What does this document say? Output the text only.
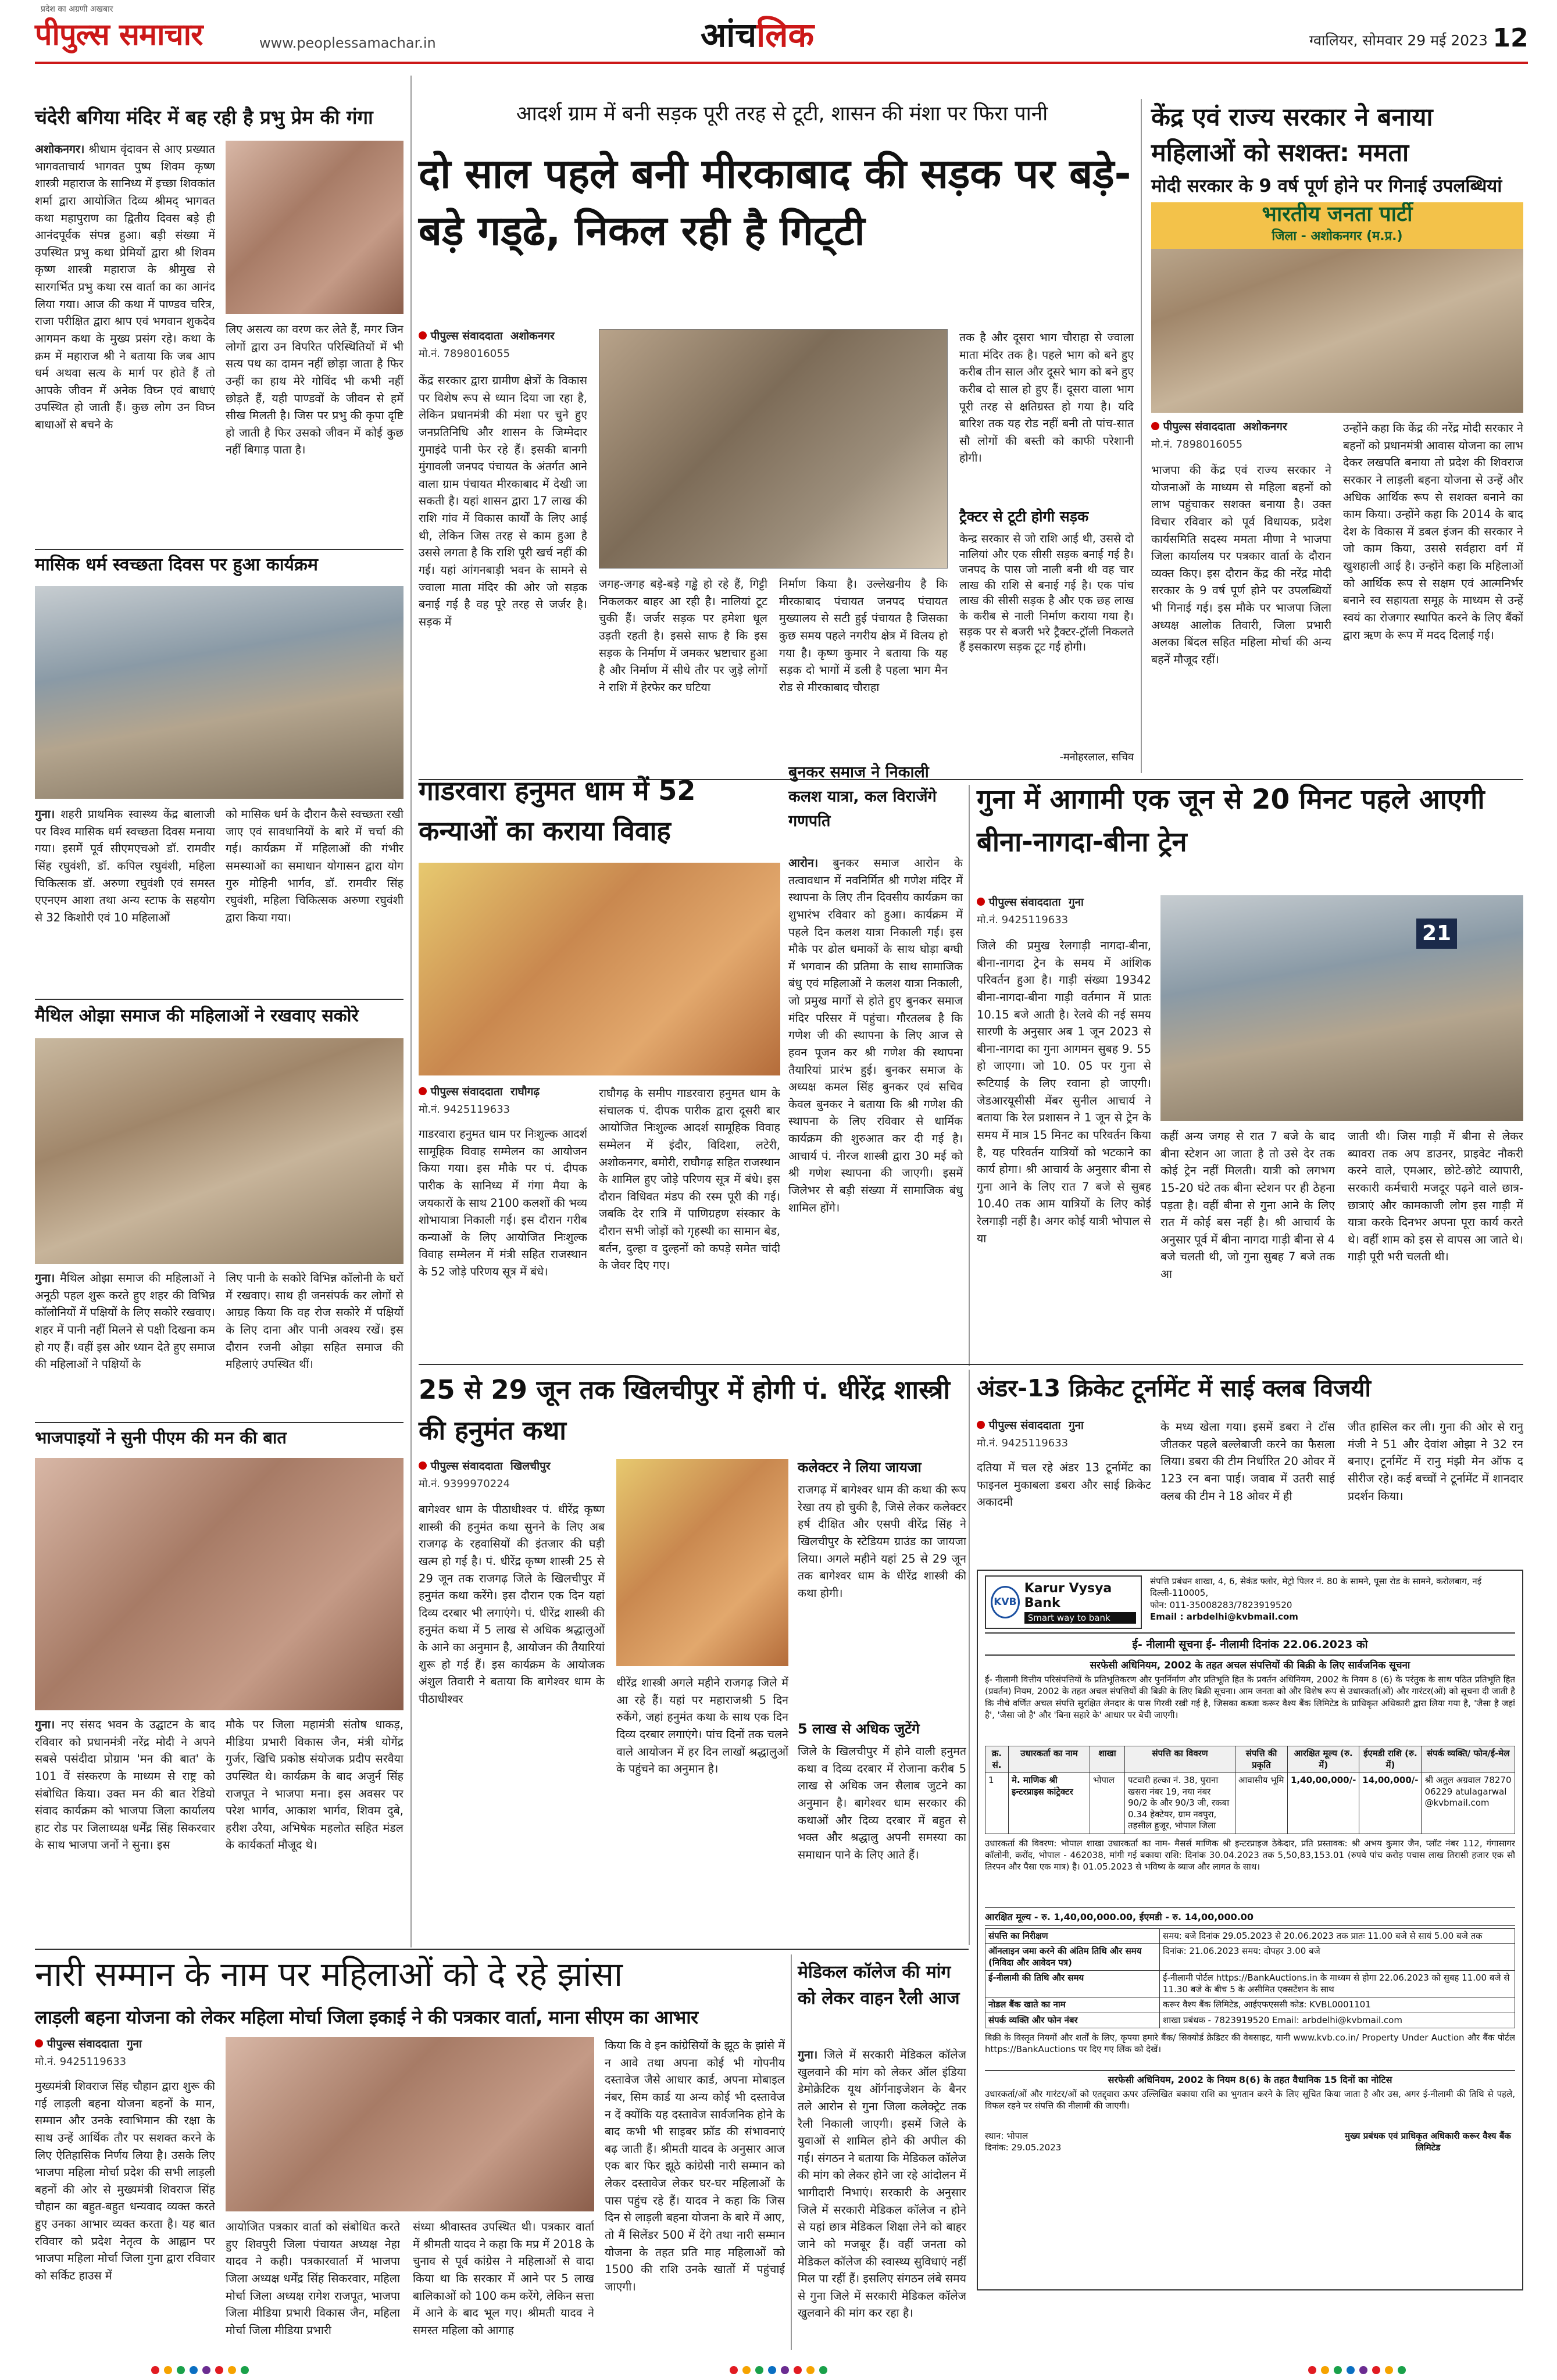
प्रदेश का अग्रणी अखबार
पीपुल्स समाचार	www.peoplessamachar.in	आंचलिक	ग्वालियर, सोमवार 29 मई 2023 12
चंदेरी बगिया मंदिर में बह रही है प्रभु प्रेम की गंगा
अशोकनगर। श्रीधाम वृंदावन से आए प्रख्यात भागवताचार्य भागवत पुष्प शिवम कृष्ण शास्त्री महाराज के सानिध्य में इच्छा शिवकांत शर्मा द्वारा आयोजित दिव्य श्रीमद् भागवत कथा महापुराण का द्वितीय दिवस बड़े ही आनंदपूर्वक संपन्न हुआ। बड़ी संख्या में उपस्थित प्रभु कथा प्रेमियों द्वारा श्री शिवम कृष्ण शास्त्री महाराज के श्रीमुख से सारगर्भित प्रभु कथा रस वार्ता का का आनंद लिया गया। आज की कथा में पाण्डव चरित्र, राजा परीक्षित द्वारा श्राप एवं भगवान शुकदेव आगमन कथा के मुख्य प्रसंग रहे। कथा के क्रम में महाराज श्री ने बताया कि जब आप धर्म अथवा सत्य के मार्ग पर होते हैं तो आपके जीवन में अनेक विघ्न एवं बाधाएं उपस्थित हो जाती हैं। कुछ लोग उन विघ्न बाधाओं से बचने के
लिए असत्य का वरण कर लेते हैं, मगर जिन लोगों द्वारा उन विपरित परिस्थितियों में भी सत्य पथ का दामन नहीं छोड़ा जाता है फिर उन्हीं का हाथ मेरे गोविंद भी कभी नहीं छोड़ते हैं, यही पाण्डवों के जीवन से हमें सीख मिलती है। जिस पर प्रभु की कृपा दृष्टि हो जाती है फिर उसको जीवन में कोई कुछ नहीं बिगाड़ पाता है।
मासिक धर्म स्वच्छता दिवस पर हुआ कार्यक्रम
गुना। शहरी प्राथमिक स्वास्थ्य केंद्र बालाजी पर विश्व मासिक धर्म स्वच्छता दिवस मनाया गया। इसमें पूर्व सीएमएचओ डॉ. रामवीर सिंह रघुवंशी, डॉ. कपिल रघुवंशी, महिला चिकित्सक डॉ. अरुणा रघुवंशी एवं समस्त एएनएम आशा तथा अन्य स्टाफ के सहयोग से 32 किशोरी एवं 10 महिलाओं
को मासिक धर्म के दौरान कैसे स्वच्छता रखी जाए एवं सावधानियों के बारे में चर्चा की गई। कार्यक्रम में महिलाओं की गंभीर समस्याओं का समाधान योगासन द्वारा योग गुरु मोहिनी भार्गव, डॉ. रामवीर सिंह रघुवंशी, महिला चिकित्सक अरुणा रघुवंशी द्वारा किया गया।
मैथिल ओझा समाज की महिलाओं ने रखवाए सकोरे
गुना। मैथिल ओझा समाज की महिलाओं ने अनूठी पहल शुरू करते हुए शहर की विभिन्न कॉलोनियों में पक्षियों के लिए सकोरे रखवाए। शहर में पानी नहीं मिलने से पक्षी दिखना कम हो गए हैं। वहीं इस ओर ध्यान देते हुए समाज की महिलाओं ने पक्षियों के
लिए पानी के सकोरे विभिन्न कॉलोनी के घरों में रखवाए। साथ ही जनसंपर्क कर लोगों से आग्रह किया कि वह रोज सकोरे में पक्षियों के लिए दाना और पानी अवश्य रखें। इस दौरान रजनी ओझा सहित समाज की महिलाएं उपस्थित थीं।
भाजपाइयों ने सुनी पीएम की मन की बात
गुना। नए संसद भवन के उद्घाटन के बाद रविवार को प्रधानमंत्री नरेंद्र मोदी ने अपने सबसे पसंदीदा प्रोग्राम 'मन की बात' के 101 वें संस्करण के माध्यम से राष्ट्र को संबोधित किया। उक्त मन की बात रेडियो संवाद कार्यक्रम को भाजपा जिला कार्यालय हाट रोड पर जिलाध्यक्ष धर्मेंद्र सिंह सिकरवार के साथ भाजपा जनों ने सुना। इस
मौके पर जिला महामंत्री संतोष धाकड़, मीडिया प्रभारी विकास जैन, मंत्री योगेंद्र गुर्जर, खिचि प्रकोष्ठ संयोजक प्रदीप सरवैया उपस्थित थे। कार्यक्रम के बाद अजुर्न सिंह राजपूत ने भाजपा मना। इस अवसर पर परेश भार्गव, आकाश भार्गव, शिवम दुबे, हरीश उरैया, अभिषेक महलोत सहित मंडल के कार्यकर्ता मौजूद थे।
आदर्श ग्राम में बनी सड़क पूरी तरह से टूटी, शासन की मंशा पर फिरा पानी
दो साल पहले बनी मीरकाबाद की सड़क पर बड़े-बड़े गड्‌ढे, निकल रही है गिट्‌टी
पीपुल्स संवाददाता अशोकनगर
मो.नं. 7898016055
केंद्र सरकार द्वारा ग्रामीण क्षेत्रों के विकास पर विशेष रूप से ध्यान दिया जा रहा है, लेकिन प्रधानमंत्री की मंशा पर चुने हुए जनप्रतिनिधि और शासन के जिम्मेदार गुमाइंदे पानी फेर रहे हैं। इसकी बानगी मुंगावली जनपद पंचायत के अंतर्गत आने वाला ग्राम पंचायत मीरकाबाद में देखी जा सकती है। यहां शासन द्वारा 17 लाख की राशि गांव में विकास कार्यों के लिए आई थी, लेकिन जिस तरह से काम हुआ है उससे लगता है कि राशि पूरी खर्च नहीं की गई। यहां आंगनबाड़ी भवन के सामने से ज्वाला माता मंदिर की ओर जो सड़क बनाई गई है वह पूरे तरह से जर्जर है। सड़क में
जगह-जगह बड़े-बड़े गड्ढे हो रहे हैं, गिट्टी निकलकर बाहर आ रही है। नालियां टूट चुकी हैं। जर्जर सड़क पर हमेशा धूल उड़ती रहती है। इससे साफ है कि इस सड़क के निर्माण में जमकर भ्रष्टाचार हुआ है और निर्माण में सीधे तौर पर जुड़े लोगों ने राशि में हेरफेर कर घटिया
निर्माण किया है। उल्लेखनीय है कि मीरकाबाद पंचायत जनपद पंचायत मुख्यालय से सटी हुई पंचायत है जिसका कुछ समय पहले नगरीय क्षेत्र में विलय हो गया है। कृष्ण कुमार ने बताया कि यह सड़क दो भागों में डली है पहला भाग मैन रोड से मीरकाबाद चौराहा
तक है और दूसरा भाग चौराहा से ज्वाला माता मंदिर तक है। पहले भाग को बने हुए करीब तीन साल और दूसरे भाग को बने हुए करीब दो साल हो हुए हैं। दूसरा वाला भाग पूरी तरह से क्षतिग्रस्त हो गया है। यदि बारिश तक यह रोड नहीं बनी तो पांच-सात सौ लोगों की बस्ती को काफी परेशानी होगी।
ट्रैक्टर से टूटी होगी सड़क
केन्द्र सरकार से जो राशि आई थी, उससे दो नालियां और एक सीसी सड़क बनाई गई है। जनपद के पास जो नाली बनी थी वह चार लाख की राशि से बनाई गई है। एक पांच लाख की सीसी सड़क है और एक छह लाख के करीब से नाली निर्माण कराया गया है। सड़क पर से बजरी भरे ट्रैक्टर-ट्रॉली निकलते हैं इसकारण सड़क टूट गई होगी।
-मनोहरलाल, सचिव
केंद्र एवं राज्य सरकार ने बनाया महिलाओं को सशक्त: ममता
मोदी सरकार के 9 वर्ष पूर्ण होने पर गिनाई उपलब्धियां
भारतीय जनता पार्टी
जिला - अशोकनगर (म.प्र.)
पीपुल्स संवाददाता अशोकनगर
मो.नं. 7898016055
भाजपा की केंद्र एवं राज्य सरकार ने योजनाओं के माध्यम से महिला बहनों को लाभ पहुंचाकर सशक्त बनाया है। उक्त विचार रविवार को पूर्व विधायक, प्रदेश कार्यसमिति सदस्य ममता मीणा ने भाजपा जिला कार्यालय पर पत्रकार वार्ता के दौरान व्यक्त किए। इस दौरान केंद्र की नरेंद्र मोदी सरकार के 9 वर्ष पूर्ण होने पर उपलब्धियों भी गिनाई गई। इस मौके पर भाजपा जिला अध्यक्ष आलोक तिवारी, जिला प्रभारी अलका बिंदल सहित महिला मोर्चा की अन्य बहनें मौजूद रहीं।
उन्होंने कहा कि केंद्र की नरेंद्र मोदी सरकार ने बहनों को प्रधानमंत्री आवास योजना का लाभ देकर लखपति बनाया तो प्रदेश की शिवराज सरकार ने लाड़ली बहना योजना से उन्हें और अधिक आर्थिक रूप से सशक्त बनाने का काम किया। उन्होंने कहा कि 2014 के बाद देश के विकास में डबल इंजन की सरकार ने जो काम किया, उससे सर्वहारा वर्ग में खुशहाली आई है। उन्होंने कहा कि महिलाओं को आर्थिक रूप से सक्षम एवं आत्मनिर्भर बनाने स्व सहायता समूह के माध्यम से उन्हें स्वयं का रोजगार स्थापित करने के लिए बैंकों द्वारा ऋण के रूप में मदद दिलाई गई।
गाडरवारा हनुमत धाम में 52 कन्याओं का कराया विवाह
पीपुल्स संवाददाता राघौगढ़
मो.नं. 9425119633
गाडरवारा हनुमत धाम पर निःशुल्क आदर्श सामूहिक विवाह सम्मेलन का आयोजन किया गया। इस मौके पर पं. दीपक पारीक के सानिध्य में गंगा मैया के जयकारों के साथ 2100 कलशों की भव्य शोभायात्रा निकाली गई। इस दौरान गरीब कन्याओं के लिए आयोजित निःशुल्क विवाह सम्मेलन में मंत्री सहित राजस्थान के 52 जोड़े परिणय सूत्र में बंधे।
राघौगढ़ के समीप गाडरवारा हनुमत धाम के संचालक पं. दीपक पारीक द्वारा दूसरी बार आयोजित निःशुल्क आदर्श सामूहिक विवाह सम्मेलन में इंदौर, विदिशा, लटेरी, अशोकनगर, बमोरी, राघौगढ़ सहित राजस्थान के शामिल हुए जोड़े परिणय सूत्र में बंधे। इस दौरान विधिवत मंडप की रस्म पूरी की गई। जबकि देर रात्रि में पाणिग्रहण संस्कार के दौरान सभी जोड़ों को गृहस्थी का सामान बेड, बर्तन, दुल्हा व दुल्हनों को कपड़े समेत चांदी के जेवर दिए गए।
बुनकर समाज ने निकाली कलश यात्रा, कल विराजेंगे गणपति
आरोन। बुनकर समाज आरोन के तत्वावधान में नवनिर्मित श्री गणेश मंदिर में स्थापना के लिए तीन दिवसीय कार्यक्रम का शुभारंभ रविवार को हुआ। कार्यक्रम में पहले दिन कलश यात्रा निकाली गई। इस मौके पर ढोल धमाकों के साथ घोड़ा बग्घी में भगवान की प्रतिमा के साथ सामाजिक बंधु एवं महिलाओं ने कलश यात्रा निकाली, जो प्रमुख मार्गों से होते हुए बुनकर समाज मंदिर परिसर में पहुंचा। गौरतलब है कि गणेश जी की स्थापना के लिए आज से हवन पूजन कर श्री गणेश की स्थापना तैयारियां प्रारंभ हुई। बुनकर समाज के अध्यक्ष कमल सिंह बुनकर एवं सचिव केवल बुनकर ने बताया कि श्री गणेश की स्थापना के लिए रविवार से धार्मिक कार्यक्रम की शुरुआत कर दी गई है। आचार्य पं. नीरज शास्त्री द्वारा 30 मई को श्री गणेश स्थापना की जाएगी। इसमें जिलेभर से बड़ी संख्या में सामाजिक बंधु शामिल होंगे।
गुना में आगामी एक जून से 20 मिनट पहले आएगी बीना-नागदा-बीना ट्रेन
पीपुल्स संवाददाता गुना
मो.नं. 9425119633
जिले की प्रमुख रेलगाड़ी नागदा-बीना, बीना-नागदा ट्रेन के समय में आंशिक परिवर्तन हुआ है। गाड़ी संख्या 19342 बीना-नागदा-बीना गाड़ी वर्तमान में प्रातः 10.15 बजे आती है। रेलवे की नई समय सारणी के अनुसार अब 1 जून 2023 से बीना-नागदा का गुना आगमन सुबह 9. 55 हो जाएगा। जो 10. 05 पर गुना से रूटियाई के लिए रवाना हो जाएगी। जेडआरयूसीसी मेंबर सुनील आचार्य ने बताया कि रेल प्रशासन ने 1 जून से ट्रेन के समय में मात्र 15 मिनट का परिवर्तन किया है, यह परिवर्तन यात्रियों को भटकाने का कार्य होगा। श्री आचार्य के अनुसार बीना से गुना आने के लिए रात 7 बजे से सुबह 10.40 तक आम यात्रियों के लिए कोई रेलगाड़ी नहीं है। अगर कोई यात्री भोपाल से या
21
कहीं अन्य जगह से रात 7 बजे के बाद बीना स्टेशन आ जाता है तो उसे देर तक कोई ट्रेन नहीं मिलती। यात्री को लगभग 15-20 घंटे तक बीना स्टेशन पर ही ठेहना पड़ता है। वहीं बीना से गुना आने के लिए रात में कोई बस नहीं है। श्री आचार्य के अनुसार पूर्व में बीना नागदा गाड़ी बीना से 4 बजे चलती थी, जो गुना सुबह 7 बजे तक आ
जाती थी। जिस गाड़ी में बीना से लेकर ब्यावरा तक अप डाउनर, प्राइवेट नौकरी करने वाले, एमआर, छोटे-छोटे व्यापारी, सरकारी कर्मचारी मजदूर पढ़ने वाले छात्र-छात्राएं और कामकाजी लोग इस गाड़ी में यात्रा करके दिनभर अपना पूरा कार्य करते थे। वहीं शाम को इस से वापस आ जाते थे। गाड़ी पूरी भरी चलती थी।
25 से 29 जून तक खिलचीपुर में होगी पं. धीरेंद्र शास्त्री की हनुमंत कथा
पीपुल्स संवाददाता खिलचीपुर
मो.नं. 9399970224
बागेश्वर धाम के पीठाधीश्वर पं. धीरेंद्र कृष्ण शास्त्री की हनुमंत कथा सुनने के लिए अब राजगढ़ के रहवासियों की इंतजार की घड़ी खत्म हो गई है। पं. धीरेंद्र कृष्ण शास्त्री 25 से 29 जून तक राजगढ़ जिले के खिलचीपुर में हनुमंत कथा करेंगे। इस दौरान एक दिन यहां दिव्य दरबार भी लगाएंगे। पं. धीरेंद्र शास्त्री की हनुमंत कथा में 5 लाख से अधिक श्रद्धालुओं के आने का अनुमान है, आयोजन की तैयारियां शुरू हो गई हैं। इस कार्यक्रम के आयोजक अंशुल तिवारी ने बताया कि बागेश्वर धाम के पीठाधीश्वर
धीरेंद्र शास्त्री अगले महीने राजगढ़ जिले में आ रहे हैं। यहां पर महाराजश्री 5 दिन रुकेंगे, जहां हनुमंत कथा के साथ एक दिन दिव्य दरबार लगाएंगे। पांच दिनों तक चलने वाले आयोजन में हर दिन लाखों श्रद्धालुओं के पहुंचने का अनुमान है।
कलेक्टर ने लिया जायजा
राजगढ़ में बागेश्वर धाम की कथा की रूप रेखा तय हो चुकी है, जिसे लेकर कलेक्टर हर्ष दीक्षित और एसपी वीरेंद्र सिंह ने खिलचीपुर के स्टेडियम ग्राउंड का जायजा लिया। अगले महीने यहां 25 से 29 जून तक बागेश्वर धाम के धीरेंद्र शास्त्री की कथा होगी।
5 लाख से अधिक जुटेंगे
जिले के खिलचीपुर में होने वाली हनुमत कथा व दिव्य दरबार में रोजाना करीब 5 लाख से अधिक जन सैलाब जुटने का अनुमान है। बागेश्वर धाम सरकार की कथाओं और दिव्य दरबार में बहुत से भक्त और श्रद्धालु अपनी समस्या का समाधान पाने के लिए आते हैं।
अंडर-13 क्रिकेट टूर्नामेंट में साई क्लब विजयी
पीपुल्स संवाददाता गुना
मो.नं. 9425119633
दतिया में चल रहे अंडर 13 टूर्नामेंट का फाइनल मुकाबला डबरा और साई क्रिकेट अकादमी
के मध्य खेला गया। इसमें डबरा ने टॉस जीतकर पहले बल्लेबाजी करने का फैसला लिया। डबरा की टीम निर्धारित 20 ओवर में 123 रन बना पाई। जवाब में उतरी साई क्लब की टीम ने 18 ओवर में ही
जीत हासिल कर ली। गुना की ओर से रानु मंजी ने 51 और देवांश ओझा ने 32 रन बनाए। टूर्नामेंट में रानु मंझी मेन ऑफ द सीरीज रहे। कई बच्चों ने टूर्नामेंट में शानदार प्रदर्शन किया।
KVB
Karur Vysya Bank
Smart way to bank
संपत्ति प्रबंधन शाखा, 4, 6, सेकंड फ्लोर, मेट्रो पिलर नं. 80 के सामने, पूसा रोड के सामने, करोलबाग, नई दिल्ली-110005,
फोन: 011-35008283/7823919520
Email : arbdelhi@kvbmail.com
ई- नीलामी सूचना ई- नीलामी दिनांक 22.06.2023 को
सरफेसी अधिनियम, 2002 के तहत अचल संपत्तियों की बिक्री के लिए सार्वजनिक सूचना
ई- नीलामी वित्तीय परिसंपत्तियों के प्रतिभूतिकरण और पुनर्निर्माण और प्रतिभूति हित के प्रवर्तन अधिनियम, 2002 के नियम 8 (6) के परंतुक के साथ पठित प्रतिभूति हित (प्रवर्तन) नियम, 2002 के तहत अचल संपत्तियों की बिक्री के लिए बिक्री सूचना। आम जनता को और विशेष रूप से उधारकर्ता(ओं) और गारंटर(ओं) को सूचना दी जाती है कि नीचे वर्णित अचल संपत्ति सुरक्षित लेनदार के पास गिरवी रखी गई है, जिसका कब्जा करूर वैश्य बैंक लिमिटेड के प्राधिकृत अधिकारी द्वारा लिया गया है, 'जैसा है जहां है', 'जैसा जो है' और 'बिना सहारे के' आधार पर बेची जाएगी।
क्र. सं.	उधारकर्ता का नाम	शाखा	संपत्ति का विवरण	संपत्ति की प्रकृति	आरक्षित मूल्य (रु. में)	ईएमडी राशि (रु. में)	संपर्क व्यक्ति/ फोन/ई-मेल
1	मे. माणिक श्री इन्टरप्राइस कांट्रेक्टर	भोपाल	पटवारी हल्का नं. 38, पुराना खसरा नंबर 19, नया नंबर 90/2 के और 90/3 जी, रकबा 0.34 हेक्टेयर, ग्राम नवपुरा, तहसील हुजूर, भोपाल जिला	आवासीय भूमि	1,40,00,000/-	14,00,000/-	श्री अतुल अग्रवाल 7827006229 atulagarwal@kvbmail.com
उधारकर्ता की विवरण: भोपाल शाखा उधारकर्ता का नाम- मैसर्स माणिक श्री इन्टरप्राइज ठेकेदार, प्रति प्रस्तावक: श्री अभय कुमार जैन, प्लॉट नंबर 112, गंगासागर कॉलोनी, करोंद, भोपाल - 462038, मांगी गई बकाया राशि: दिनांक 30.04.2023 तक 5,50,83,153.01 (रुपये पांच करोड़ पचास लाख तिरासी हजार एक सौ तिरपन और पैसा एक मात्र) है। 01.05.2023 से भविष्य के ब्याज और लागत के साथ।
आरक्षित मूल्य - रु. 1,40,00,000.00, ईएमडी - रु. 14,00,000.00
संपत्ति का निरीक्षण	समय: बजे दिनांक 29.05.2023 से 20.06.2023 तक प्रातः 11.00 बजे से सायं 5.00 बजे तक
ऑनलाइन जमा करने की अंतिम तिथि और समय (निविदा और आवेदन पत्र)	दिनांक: 21.06.2023 समय: दोपहर 3.00 बजे
ई-नीलामी की तिथि और समय	ई-नीलामी पोर्टल https://BankAuctions.in के माध्यम से होगा 22.06.2023 को सुबह 11.00 बजे से 11.30 बजे के बीच 5 के असीमित एक्सटेंशन के साथ
नोडल बैंक खाते का नाम	करूर वैश्य बैंक लिमिटेड, आईएफएससी कोड: KVBL0001101
संपर्क व्यक्ति और फोन नंबर	शाखा प्रबंधक - 7823919520 Email: arbdelhi@kvbmail.com
बिक्री के विस्तृत नियमों और शर्तों के लिए, कृपया हमारे बैंक/ सिक्योर्ड क्रेडिटर की वेबसाइट, यानी www.kvb.co.in/ Property Under Auction और बैंक पोर्टल https://BankAuctions पर दिए गए लिंक को देखें।
सरफेसी अधिनियम, 2002 के नियम 8(6) के तहत वैधानिक 15 दिनों का नोटिस
उधारकर्ता/ओं और गारंटर/ओं को एतद्द्वारा ऊपर उल्लिखित बकाया राशि का भुगतान करने के लिए सूचित किया जाता है और उस, अगर ई-नीलामी की तिथि से पहले, विफल रहने पर संपत्ति की नीलामी की जाएगी।
स्थान: भोपाल
दिनांक: 29.05.2023
मुख्य प्रबंधक एवं प्राधिकृत अधिकारी करूर वैश्य बैंक लिमिटेड
नारी सम्मान के नाम पर महिलाओं को दे रहे झांसा
लाड़ली बहना योजना को लेकर महिला मोर्चा जिला इकाई ने की पत्रकार वार्ता, माना सीएम का आभार
पीपुल्स संवाददाता गुना
मो.नं. 9425119633
मुख्यमंत्री शिवराज सिंह चौहान द्वारा शुरू की गई लाड़ली बहना योजना बहनों के मान, सम्मान और उनके स्वाभिमान की रक्षा के साथ उन्हें आर्थिक तौर पर सशक्त करने के लिए ऐतिहासिक निर्णय लिया है। उसके लिए भाजपा महिला मोर्चा प्रदेश की सभी लाड़ली बहनों की ओर से मुख्यमंत्री शिवराज सिंह चौहान का बहुत-बहुत धन्यवाद व्यक्त करते हुए उनका आभार व्यक्त करता है। यह बात रविवार को प्रदेश नेतृत्व के आह्वान पर भाजपा महिला मोर्चा जिला गुना द्वारा रविवार को सर्किट हाउस में
आयोजित पत्रकार वार्ता को संबोधित करते हुए शिवपुरी जिला पंचायत अध्यक्ष नेहा यादव ने कही। पत्रकारवार्ता में भाजपा जिला अध्यक्ष धर्मेंद्र सिंह सिकरवार, महिला मोर्चा जिला अध्यक्ष रागेश राजपूत, भाजपा जिला मीडिया प्रभारी विकास जैन, महिला मोर्चा जिला मीडिया प्रभारी
संध्या श्रीवास्तव उपस्थित थी। पत्रकार वार्ता में श्रीमती यादव ने कहा कि मप्र में 2018 के चुनाव से पूर्व कांग्रेस ने महिलाओं से वादा किया था कि सरकार में आने पर 5 लाख बालिकाओं को 100 कम करेंगे, लेकिन सत्ता में आने के बाद भूल गए। श्रीमती यादव ने समस्त महिला को आगाह
किया कि वे इन कांग्रेसियों के झूठ के झांसे में न आवे तथा अपना कोई भी गोपनीय दस्तावेज जैसे आधार कार्ड, अपना मोबाइल नंबर, सिम कार्ड या अन्य कोई भी दस्तावेज न दें क्योंकि यह दस्तावेज सार्वजनिक होने के बाद कभी भी साइबर फ्रॉड की संभावनाएं बढ़ जाती हैं। श्रीमती यादव के अनुसार आज एक बार फिर झूठे कांग्रेसी नारी सम्मान को लेकर दस्तावेज लेकर घर-घर महिलाओं के पास पहुंच रहे हैं। यादव ने कहा कि जिस दिन से लाड़ली बहना योजना के बारे में आए, तो मैं सिलेंडर 500 में देंगे तथा नारी सम्मान योजना के तहत प्रति माह महिलाओं को 1500 की राशि उनके खातों में पहुंचाई जाएगी।
मेडिकल कॉलेज की मांग को लेकर वाहन रैली आज
गुना। जिले में सरकारी मेडिकल कॉलेज खुलवाने की मांग को लेकर ऑल इंडिया डेमोक्रेटिक यूथ ऑर्गनाइजेशन के बैनर तले आरोन से गुना जिला कलेक्ट्रेट तक रैली निकाली जाएगी। इसमें जिले के युवाओं से शामिल होने की अपील की गई। संगठन ने बताया कि मेडिकल कॉलेज की मांग को लेकर होने जा रहे आंदोलन में भागीदारी निभाएं। सरकारी के अनुसार जिले में सरकारी मेडिकल कॉलेज न होने से यहां छात्र मेडिकल शिक्षा लेने को बाहर जाने को मजबूर हैं। वहीं जनता को मेडिकल कॉलेज की स्वास्थ्य सुविधाएं नहीं मिल पा रहीं हैं। इसलिए संगठन लंबे समय से गुना जिले में सरकारी मेडिकल कॉलेज खुलवाने की मांग कर रहा है।
